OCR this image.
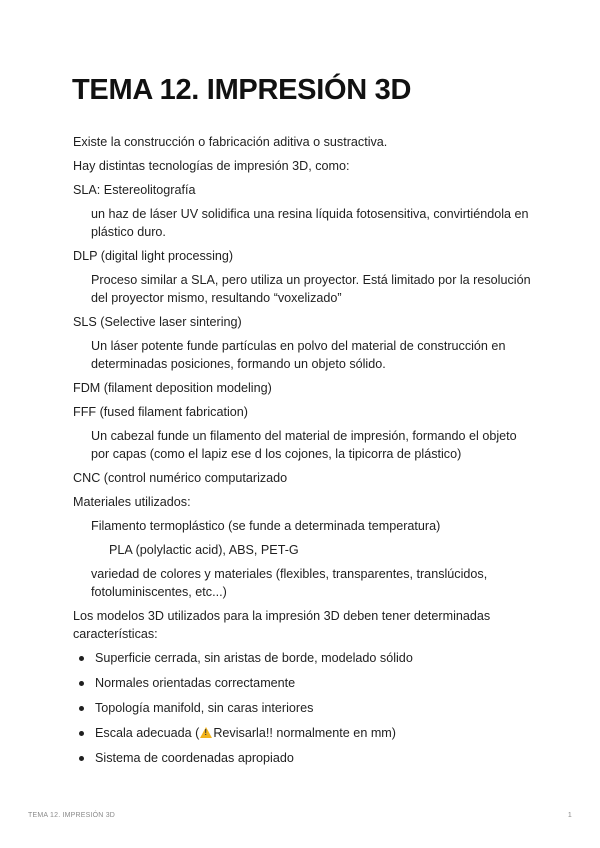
TEMA 12. IMPRESIÓN 3D

Existe la construcción o fabricación aditiva o sustractiva.

Hay distintas tecnologías de impresión 3D, como:

SLA: Estereolitografía

un haz de láser UV solidifica una resina líquida fotosensitiva, convirtiéndola en plástico duro.

DLP (digital light processing)

Proceso similar a SLA, pero utiliza un proyector. Está limitado por la resolución del proyector mismo, resultando “voxelizado”

SLS (Selective laser sintering)

Un láser potente funde partículas en polvo del material de construcción en determinadas posiciones, formando un objeto sólido.

FDM (filament deposition modeling)

FFF (fused filament fabrication)

Un cabezal funde un filamento del material de impresión, formando el objeto por capas (como el lapiz ese d los cojones, la tipicorra de plástico)

CNC (control numérico computarizado

Materiales utilizados:

Filamento termoplástico (se funde a determinada temperatura)

PLA (polylactic acid), ABS, PET-G

variedad de colores y materiales (flexibles, transparentes, translúcidos, fotoluminiscentes, etc...)

Los modelos 3D utilizados para la impresión 3D deben tener determinadas características:

Superficie cerrada, sin aristas de borde, modelado sólido
Normales orientadas correctamente
Topología manifold, sin caras interiores
Escala adecuada (! Revisarla!! normalmente en mm)
Sistema de coordenadas apropiado
TEMA 12. IMPRESIÓN 3D	1
